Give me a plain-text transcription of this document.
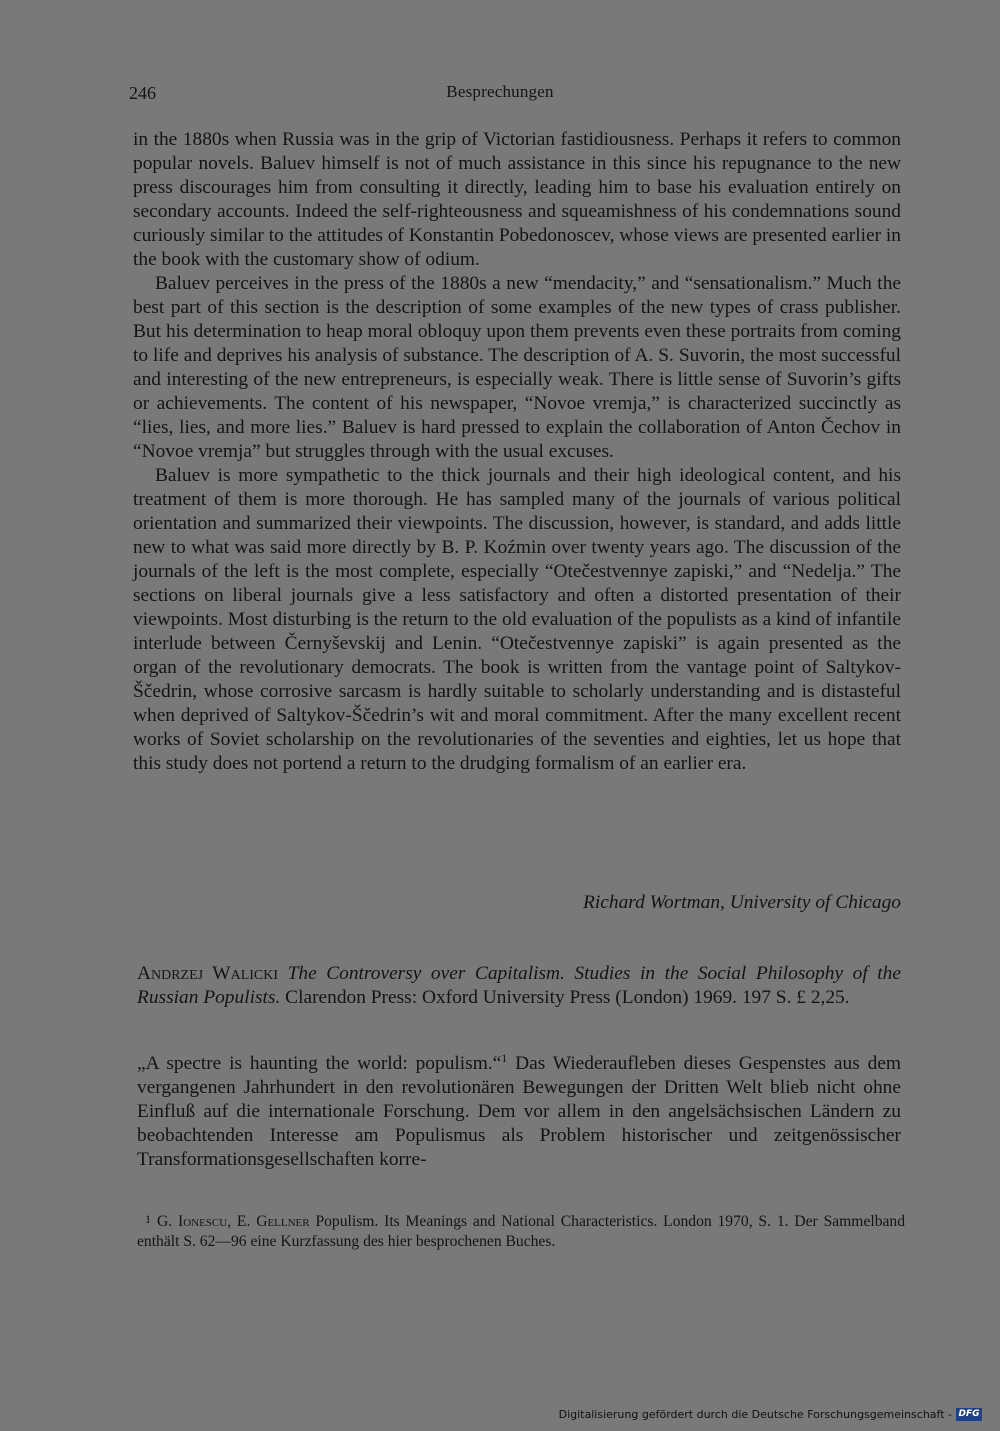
246	Besprechungen

in the 1880s when Russia was in the grip of Victorian fastidiousness. Perhaps it refers to common popular novels. Baluev himself is not of much assistance in this since his repugnance to the new press discourages him from consulting it directly, leading him to base his evaluation entirely on secondary accounts. Indeed the self-righteousness and squeamishness of his condemnations sound curiously similar to the attitudes of Konstantin Pobedonoscev, whose views are presented earlier in the book with the customary show of odium.

Baluev perceives in the press of the 1880s a new “mendacity,” and “sensationalism.” Much the best part of this section is the description of some examples of the new types of crass publisher. But his determination to heap moral obloquy upon them prevents even these portraits from coming to life and deprives his analysis of substance. The description of A. S. Suvorin, the most successful and interesting of the new entrepreneurs, is especially weak. There is little sense of Suvorin’s gifts or achievements. The content of his newspaper, “Novoe vremja,” is characterized succinctly as “lies, lies, and more lies.” Baluev is hard pressed to explain the collaboration of Anton Čechov in “Novoe vremja” but struggles through with the usual excuses.

Baluev is more sympathetic to the thick journals and their high ideological content, and his treatment of them is more thorough. He has sampled many of the journals of various political orientation and summarized their viewpoints. The discussion, however, is standard, and adds little new to what was said more directly by B. P. Koźmin over twenty years ago. The discussion of the journals of the left is the most complete, especially “Otečestvennye zapiski,” and “Nedelja.” The sections on liberal journals give a less satisfactory and often a distorted presentation of their viewpoints. Most disturbing is the return to the old evaluation of the populists as a kind of infantile interlude between Černyševskij and Lenin. “Otečestvennye zapiski” is again presented as the organ of the revolutionary democrats. The book is written from the vantage point of Saltykov-Ščedrin, whose corrosive sarcasm is hardly suitable to scholarly understanding and is distasteful when deprived of Saltykov-Ščedrin’s wit and moral commitment. After the many excellent recent works of Soviet scholarship on the revolutionaries of the seventies and eighties, let us hope that this study does not portend a return to the drudging formalism of an earlier era.

Richard Wortman, University of Chicago
Andrzej Walicki The Controversy over Capitalism. Studies in the Social Philosophy of the Russian Populists. Clarendon Press: Oxford University Press (London) 1969. 197 S. £ 2,25.

„A spectre is haunting the world: populism.“$^1$ Das Wiederaufleben dieses Gespenstes aus dem vergangenen Jahrhundert in den revolutionären Bewegungen der Dritten Welt blieb nicht ohne Einfluß auf die internationale Forschung. Dem vor allem in den angelsächsischen Ländern zu beobachtenden Interesse am Populismus als Problem historischer und zeitgenössischer Transformationsgesellschaften korre-

1 G. Ionescu, E. Gellner Populism. Its Meanings and National Characteristics. London 1970, S. 1. Der Sammelband enthält S. 62—96 eine Kurzfassung des hier besprochenen Buches.
Digitalisierung gefördert durch die Deutsche Forschungsgemeinschaft - DFG
